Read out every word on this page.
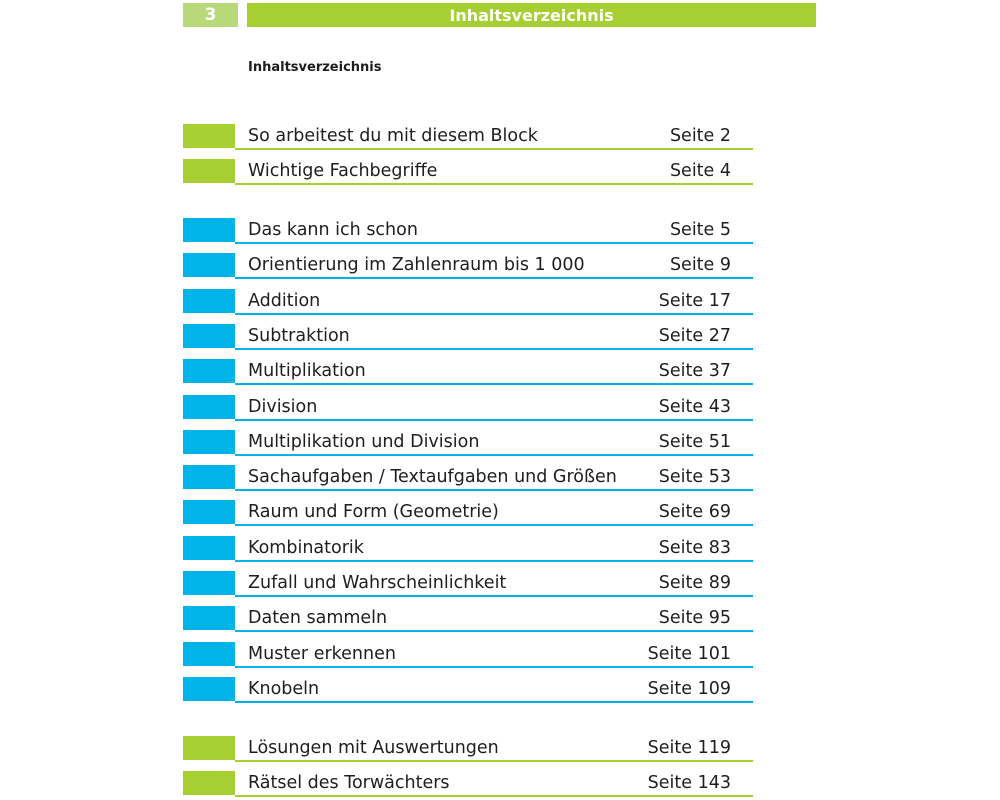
3	Inhaltsverzeichnis
Inhaltsverzeichnis
So arbeitest du mit diesem Block	Seite 2
Wichtige Fachbegriffe	Seite 4
Das kann ich schon	Seite 5
Orientierung im Zahlenraum bis 1 000	Seite 9
Addition	Seite 17
Subtraktion	Seite 27
Multiplikation	Seite 37
Division	Seite 43
Multiplikation und Division	Seite 51
Sachaufgaben / Textaufgaben und Größen Seite 53
Raum und Form (Geometrie)	Seite 69
Kombinatorik	Seite 83
Zufall und Wahrscheinlichkeit	Seite 89
Daten sammeln	Seite 95
Muster erkennen	Seite 101
Knobeln	Seite 109
Lösungen mit Auswertungen	Seite 119
Rätsel des Torwächters	Seite 143
